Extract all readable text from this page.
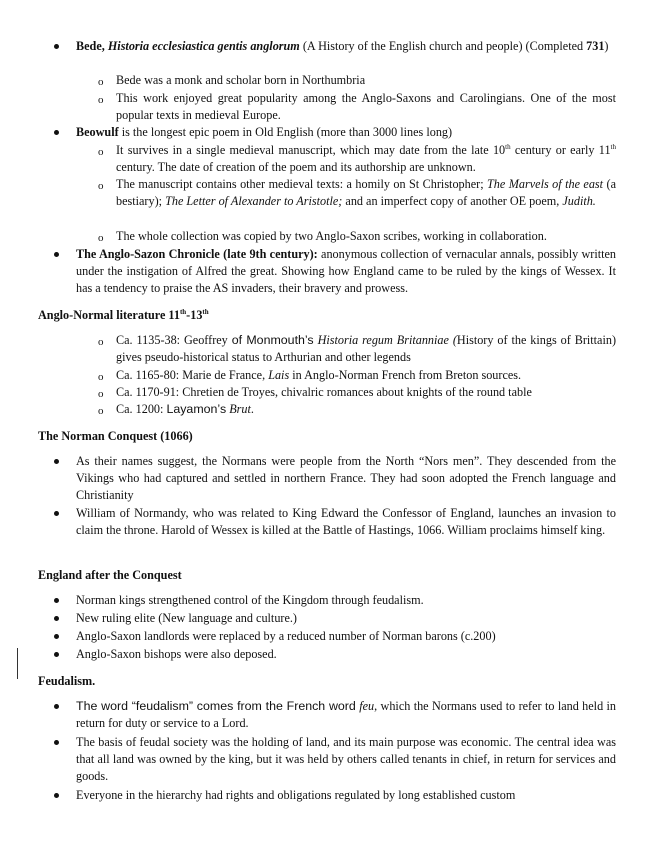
Bede, Historia ecclesiastica gentis anglorum (A History of the English church and people) (Completed 731)
o Bede was a monk and scholar born in Northumbria
o This work enjoyed great popularity among the Anglo-Saxons and Carolingians. One of the most popular texts in medieval Europe.
Beowulf is the longest epic poem in Old English (more than 3000 lines long)
o It survives in a single medieval manuscript, which may date from the late 10th century or early 11th century. The date of creation of the poem and its authorship are unknown.
o The manuscript contains other medieval texts: a homily on St Christopher; The Marvels of the east (a bestiary); The Letter of Alexander to Aristotle; and an imperfect copy of another OE poem, Judith.
o The whole collection was copied by two Anglo-Saxon scribes, working in collaboration.
The Anglo-Sazon Chronicle (late 9th century): anonymous collection of vernacular annals, possibly written under the instigation of Alfred the great. Showing how England came to be ruled by the kings of Wessex. It has a tendency to praise the AS invaders, their bravery and prowess.
Anglo-Normal literature 11th-13th
o Ca. 1135-38: Geoffrey of Monmouth’s Historia regum Britanniae (History of the kings of Brittain) gives pseudo-historical status to Arthurian and other legends
o Ca. 1165-80: Marie de France, Lais in Anglo-Norman French from Breton sources.
o Ca. 1170-91: Chretien de Troyes, chivalric romances about knights of the round table
o Ca. 1200: Layamon’s Brut.
The Norman Conquest (1066)
As their names suggest, the Normans were people from the North “Nors men”. They descended from the Vikings who had captured and settled in northern France. They had soon adopted the French language and Christianity
William of Normandy, who was related to King Edward the Confessor of England, launches an invasion to claim the throne. Harold of Wessex is killed at the Battle of Hastings, 1066. William proclaims himself king.
England after the Conquest
Norman kings strengthened control of the Kingdom through feudalism.
New ruling elite (New language and culture.)
Anglo-Saxon landlords were replaced by a reduced number of Norman barons (c.200)
Anglo-Saxon bishops were also deposed.
Feudalism.
The word “feudalism” comes from the French word feu, which the Normans used to refer to land held in return for duty or service to a Lord.
The basis of feudal society was the holding of land, and its main purpose was economic. The central idea was that all land was owned by the king, but it was held by others called tenants in chief, in return for services and goods.
Everyone in the hierarchy had rights and obligations regulated by long established custom
